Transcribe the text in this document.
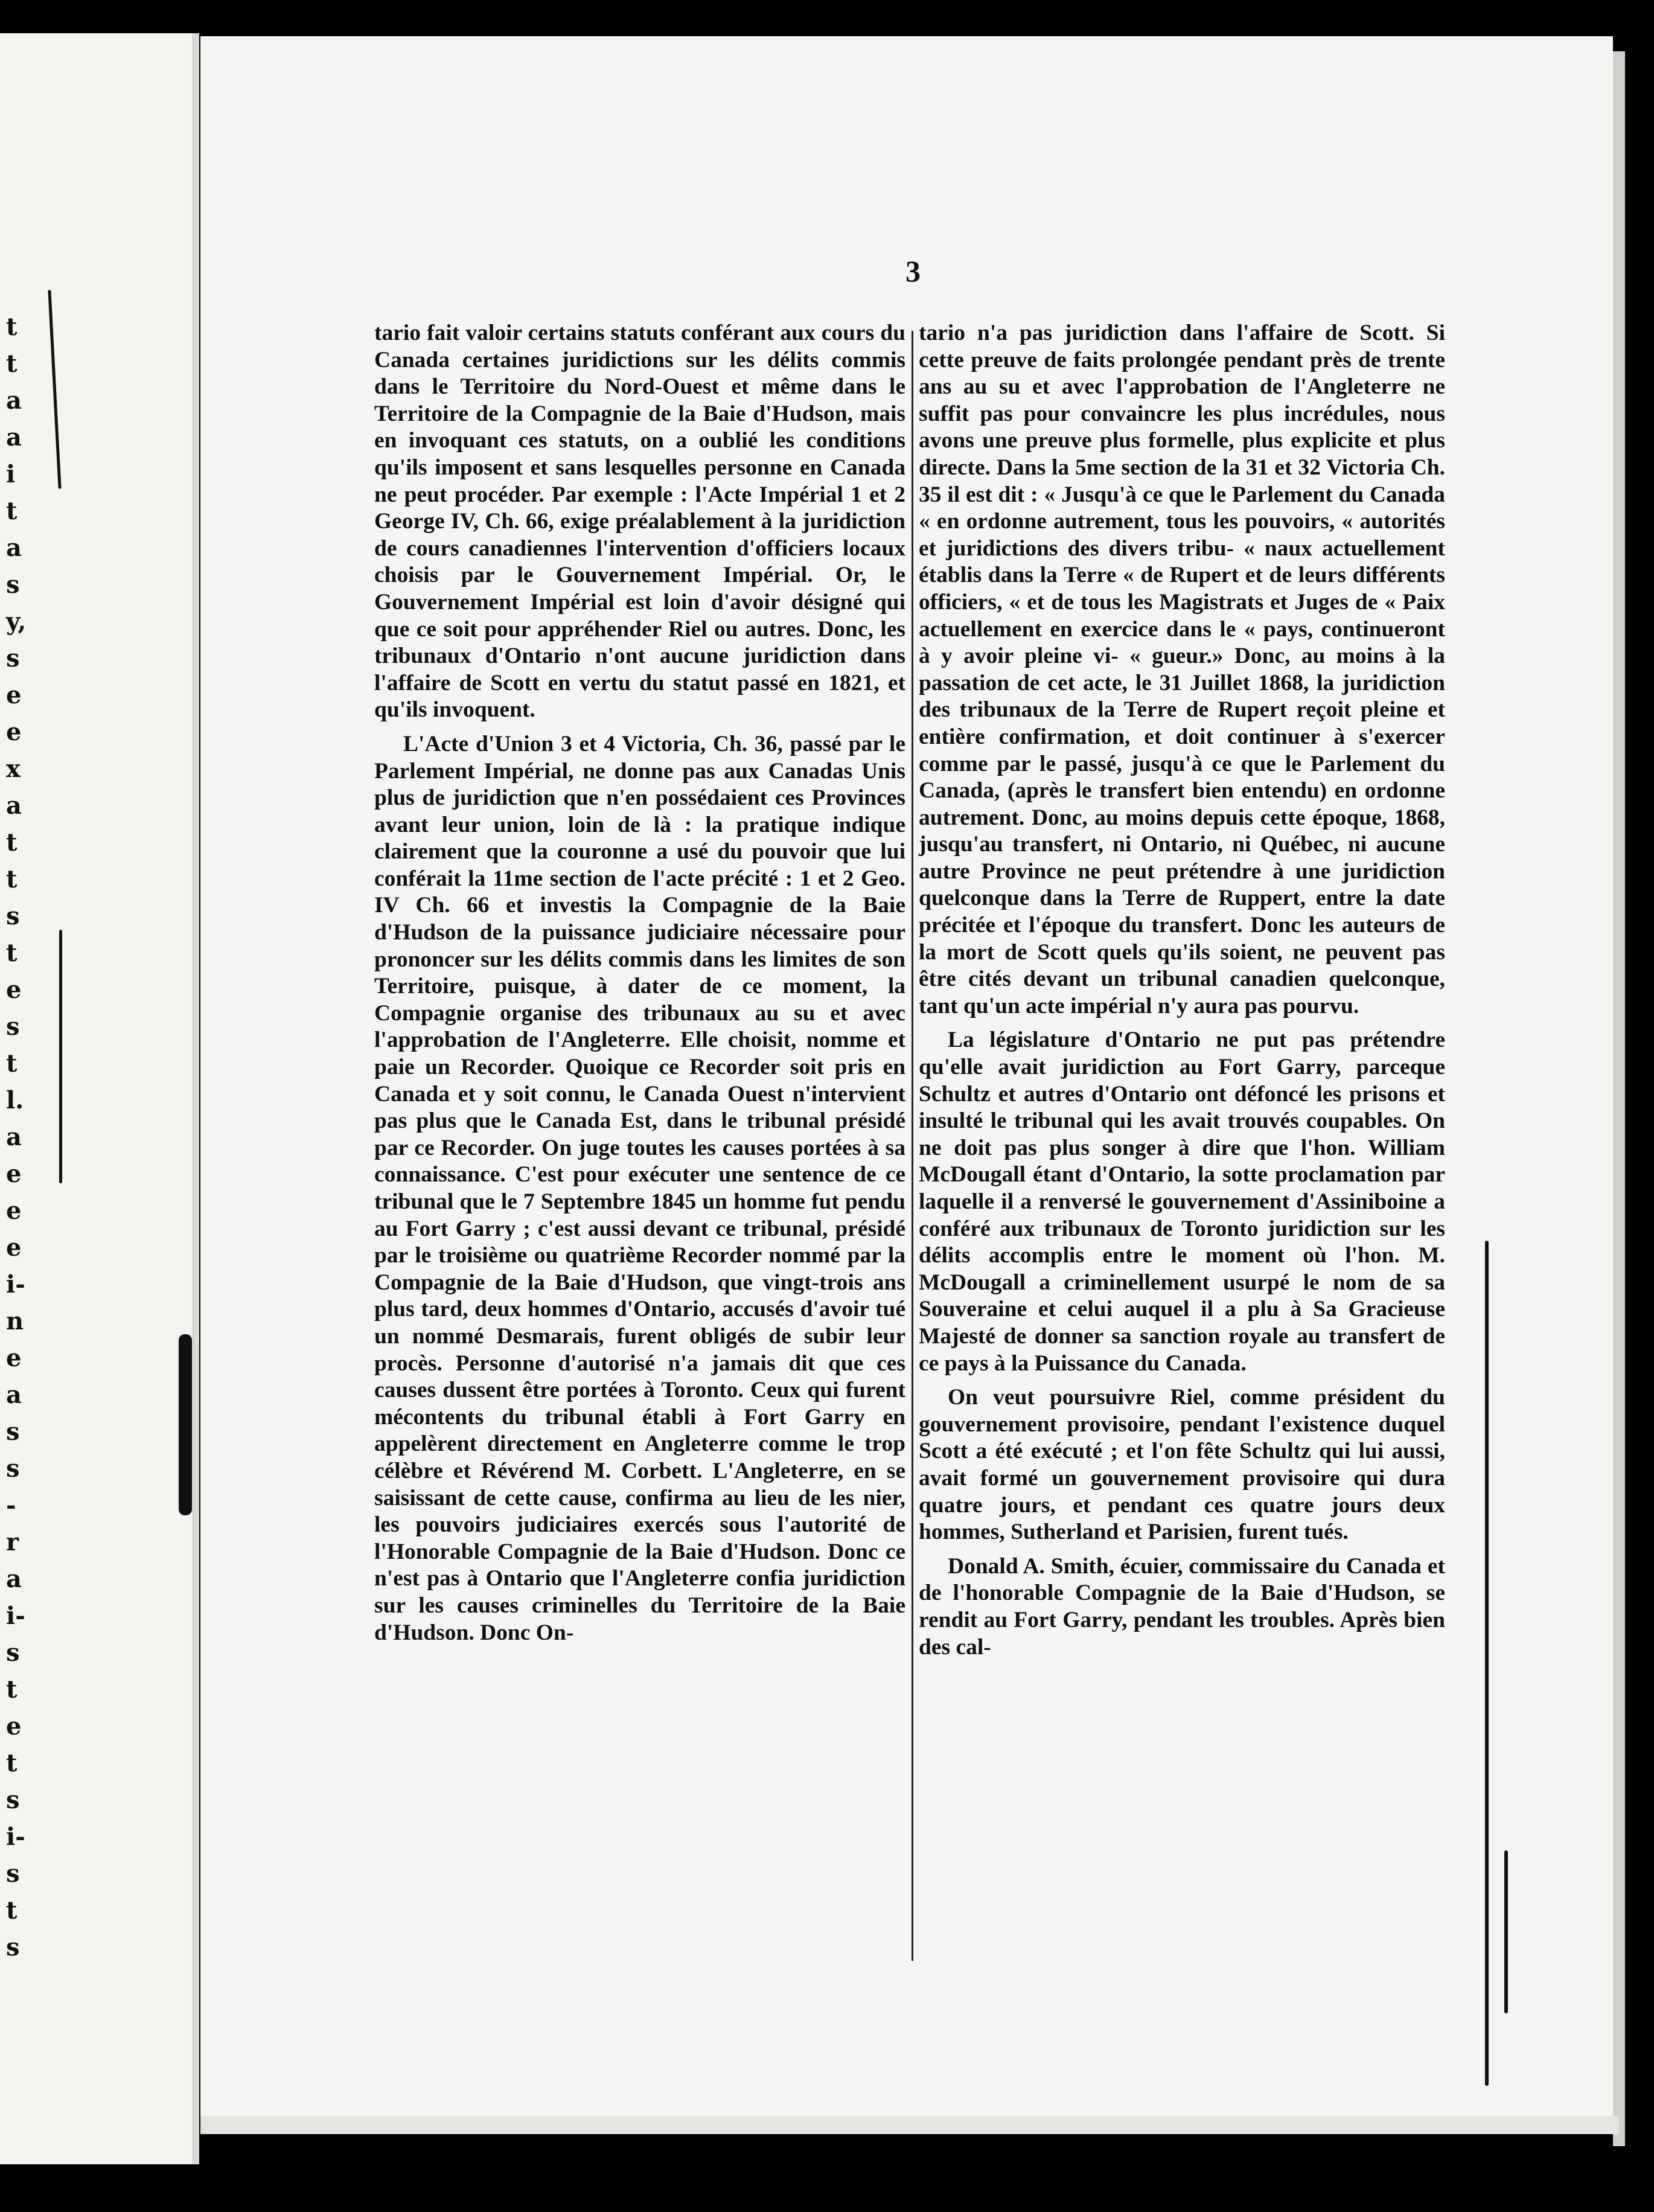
t
t
a
a
i
t
a
s
y,
s
e
e
x
a
t
t
s
t
e
s
t
l.
a
e
e
e
i-
n
e
a
s
s
-
r
a
i-
s
t
e
t
s
i-
s
t
s
3

tario fait valoir certains statuts conférant aux cours du Canada certaines juridictions sur les délits commis dans le Territoire du Nord-Ouest et même dans le Territoire de la Compagnie de la Baie d'Hudson, mais en invoquant ces statuts, on a oublié les conditions qu'ils imposent et sans lesquelles personne en Canada ne peut procéder. Par exemple : l'Acte Impérial 1 et 2 George IV, Ch. 66, exige préalablement à la juridiction de cours canadiennes l'intervention d'officiers locaux choisis par le Gouvernement Impérial. Or, le Gouvernement Impérial est loin d'avoir désigné qui que ce soit pour appréhender Riel ou autres. Donc, les tribunaux d'Ontario n'ont aucune juridiction dans l'affaire de Scott en vertu du statut passé en 1821, et qu'ils invoquent.

L'Acte d'Union 3 et 4 Victoria, Ch. 36, passé par le Parlement Impérial, ne donne pas aux Canadas Unis plus de juridiction que n'en possédaient ces Provinces avant leur union, loin de là : la pratique indique clairement que la couronne a usé du pouvoir que lui conférait la 11me section de l'acte précité : 1 et 2 Geo. IV Ch. 66 et investis la Compagnie de la Baie d'Hudson de la puissance judiciaire nécessaire pour prononcer sur les délits commis dans les limites de son Territoire, puisque, à dater de ce moment, la Compagnie organise des tribunaux au su et avec l'approbation de l'Angleterre. Elle choisit, nomme et paie un Recorder. Quoique ce Recorder soit pris en Canada et y soit connu, le Canada Ouest n'intervient pas plus que le Canada Est, dans le tribunal présidé par ce Recorder. On juge toutes les causes portées à sa connaissance. C'est pour exécuter une sentence de ce tribunal que le 7 Septembre 1845 un homme fut pendu au Fort Garry ; c'est aussi devant ce tribunal, présidé par le troisième ou quatrième Recorder nommé par la Compagnie de la Baie d'Hudson, que vingt-trois ans plus tard, deux hommes d'Ontario, accusés d'avoir tué un nommé Desmarais, furent obligés de subir leur procès. Personne d'autorisé n'a jamais dit que ces causes dussent être portées à Toronto. Ceux qui furent mécontents du tribunal établi à Fort Garry en appelèrent directement en Angleterre comme le trop célèbre et Révérend M. Corbett. L'Angleterre, en se saisissant de cette cause, confirma au lieu de les nier, les pouvoirs judiciaires exercés sous l'autorité de l'Honorable Compagnie de la Baie d'Hudson. Donc ce n'est pas à Ontario que l'Angleterre confia juridiction sur les causes criminelles du Territoire de la Baie d'Hudson. Donc On-

tario n'a pas juridiction dans l'affaire de Scott. Si cette preuve de faits prolongée pendant près de trente ans au su et avec l'approbation de l'Angleterre ne suffit pas pour convaincre les plus incrédules, nous avons une preuve plus formelle, plus explicite et plus directe. Dans la 5me section de la 31 et 32 Victoria Ch. 35 il est dit : « Jusqu'à ce que le Parlement du Canada « en ordonne autrement, tous les pouvoirs, « autorités et juridictions des divers tribu- « naux actuellement établis dans la Terre « de Rupert et de leurs différents officiers, « et de tous les Magistrats et Juges de « Paix actuellement en exercice dans le « pays, continueront à y avoir pleine vi- « gueur.» Donc, au moins à la passation de cet acte, le 31 Juillet 1868, la juridiction des tribunaux de la Terre de Rupert reçoit pleine et entière confirmation, et doit continuer à s'exercer comme par le passé, jusqu'à ce que le Parlement du Canada, (après le transfert bien entendu) en ordonne autrement. Donc, au moins depuis cette époque, 1868, jusqu'au transfert, ni Ontario, ni Québec, ni aucune autre Province ne peut prétendre à une juridiction quelconque dans la Terre de Ruppert, entre la date précitée et l'époque du transfert. Donc les auteurs de la mort de Scott quels qu'ils soient, ne peuvent pas être cités devant un tribunal canadien quelconque, tant qu'un acte impérial n'y aura pas pourvu.

La législature d'Ontario ne put pas prétendre qu'elle avait juridiction au Fort Garry, parceque Schultz et autres d'Ontario ont défoncé les prisons et insulté le tribunal qui les avait trouvés coupables. On ne doit pas plus songer à dire que l'hon. William McDougall étant d'Ontario, la sotte proclamation par laquelle il a renversé le gouvernement d'Assiniboine a conféré aux tribunaux de Toronto juridiction sur les délits accomplis entre le moment où l'hon. M. McDougall a criminellement usurpé le nom de sa Souveraine et celui auquel il a plu à Sa Gracieuse Majesté de donner sa sanction royale au transfert de ce pays à la Puissance du Canada.

On veut poursuivre Riel, comme président du gouvernement provisoire, pendant l'existence duquel Scott a été exécuté ; et l'on fête Schultz qui lui aussi, avait formé un gouvernement provisoire qui dura quatre jours, et pendant ces quatre jours deux hommes, Sutherland et Parisien, furent tués.

Donald A. Smith, écuier, commissaire du Canada et de l'honorable Compagnie de la Baie d'Hudson, se rendit au Fort Garry, pendant les troubles. Après bien des cal-
